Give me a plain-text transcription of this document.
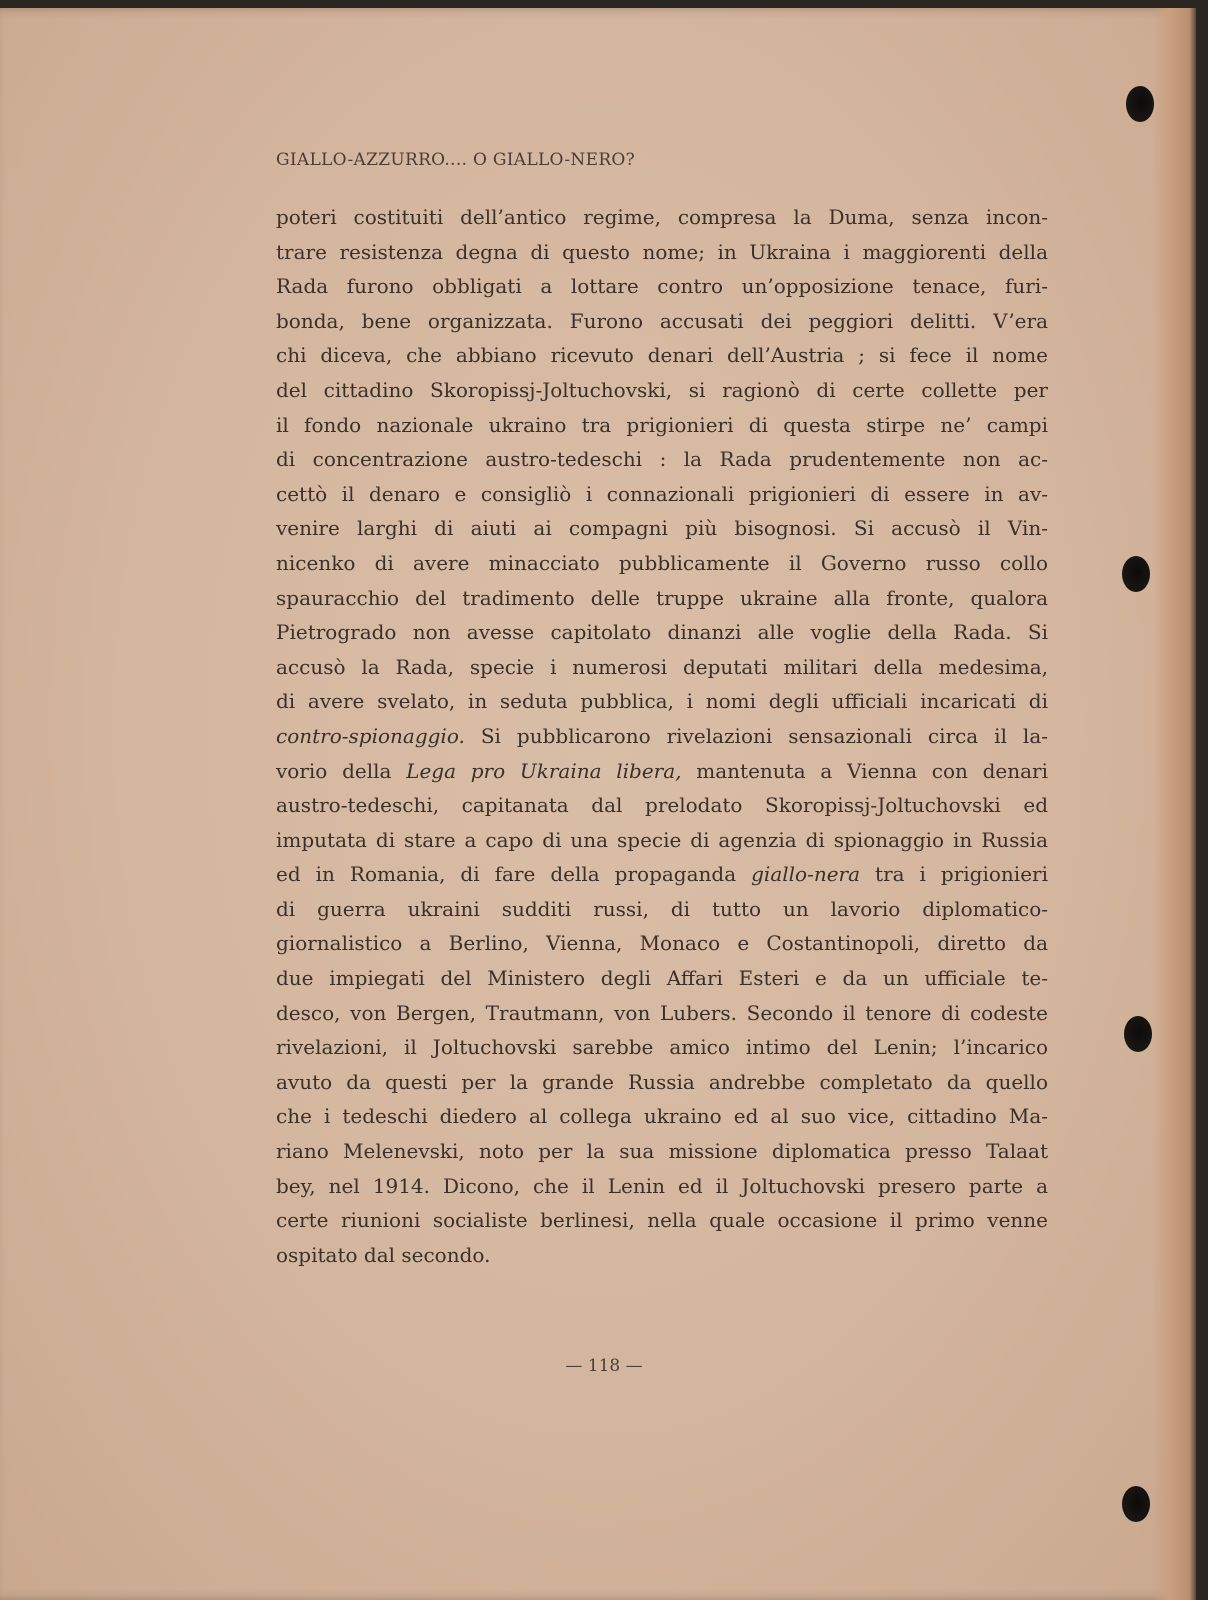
GIALLO-AZZURRO.... O GIALLO-NERO?
poteri costituiti dell’antico regime, compresa la Duma, senza incon-
trare resistenza degna di questo nome; in Ukraina i maggiorenti della
Rada furono obbligati a lottare contro un’opposizione tenace, furi-
bonda, bene organizzata. Furono accusati dei peggiori delitti. V’era
chi diceva, che abbiano ricevuto denari dell’Austria ; si fece il nome
del cittadino Skoropissj-Joltuchovski, si ragionò di certe collette per
il fondo nazionale ukraino tra prigionieri di questa stirpe ne’ campi
di concentrazione austro-tedeschi : la Rada prudentemente non ac-
cettò il denaro e consigliò i connazionali prigionieri di essere in av-
venire larghi di aiuti ai compagni più bisognosi. Si accusò il Vin-
nicenko di avere minacciato pubblicamente il Governo russo collo
spauracchio del tradimento delle truppe ukraine alla fronte, qualora
Pietrogrado non avesse capitolato dinanzi alle voglie della Rada. Si
accusò la Rada, specie i numerosi deputati militari della medesima,
di avere svelato, in seduta pubblica, i nomi degli ufficiali incaricati di
contro-spionaggio. Si pubblicarono rivelazioni sensazionali circa il la-
vorio della Lega pro Ukraina libera, mantenuta a Vienna con denari
austro-tedeschi, capitanata dal prelodato Skoropissj-Joltuchovski ed
imputata di stare a capo di una specie di agenzia di spionaggio in Russia
ed in Romania, di fare della propaganda giallo-nera tra i prigionieri
di guerra ukraini sudditi russi, di tutto un lavorio diplomatico-
giornalistico a Berlino, Vienna, Monaco e Costantinopoli, diretto da
due impiegati del Ministero degli Affari Esteri e da un ufficiale te-
desco, von Bergen, Trautmann, von Lubers. Secondo il tenore di codeste
rivelazioni, il Joltuchovski sarebbe amico intimo del Lenin; l’incarico
avuto da questi per la grande Russia andrebbe completato da quello
che i tedeschi diedero al collega ukraino ed al suo vice, cittadino Ma-
riano Melenevski, noto per la sua missione diplomatica presso Talaat
bey, nel 1914. Dicono, che il Lenin ed il Joltuchovski presero parte a
certe riunioni socialiste berlinesi, nella quale occasione il primo venne
ospitato dal secondo.
— 118 —
